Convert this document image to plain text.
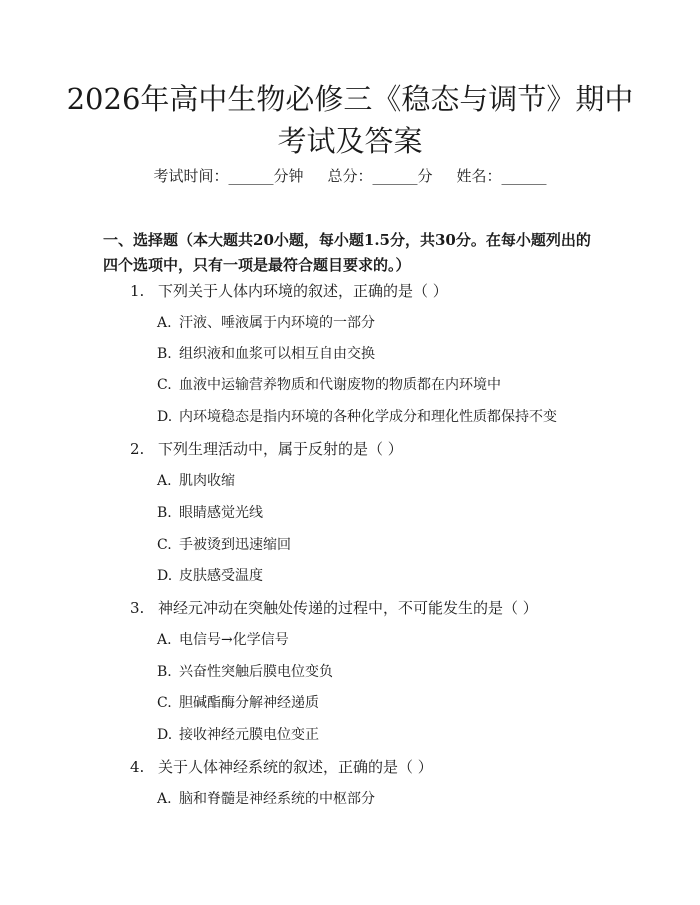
2026年高中生物必修三《稳态与调节》期中考试及答案
考试时间：______分钟 总分：______分 姓名：______

一、选择题（本大题共20小题，每小题1.5分，共30分。在每小题列出的四个选项中，只有一项是最符合题目要求的。）

1. 下列关于人体内环境的叙述，正确的是（ ）
A. 汗液、唾液属于内环境的一部分
B. 组织液和血浆可以相互自由交换
C. 血液中运输营养物质和代谢废物的物质都在内环境中
D. 内环境稳态是指内环境的各种化学成分和理化性质都保持不变
2. 下列生理活动中，属于反射的是（ ）
A. 肌肉收缩
B. 眼睛感觉光线
C. 手被烫到迅速缩回
D. 皮肤感受温度
3. 神经元冲动在突触处传递的过程中，不可能发生的是（ ）
A. 电信号→化学信号
B. 兴奋性突触后膜电位变负
C. 胆碱酯酶分解神经递质
D. 接收神经元膜电位变正
4. 关于人体神经系统的叙述，正确的是（ ）
A. 脑和脊髓是神经系统的中枢部分
